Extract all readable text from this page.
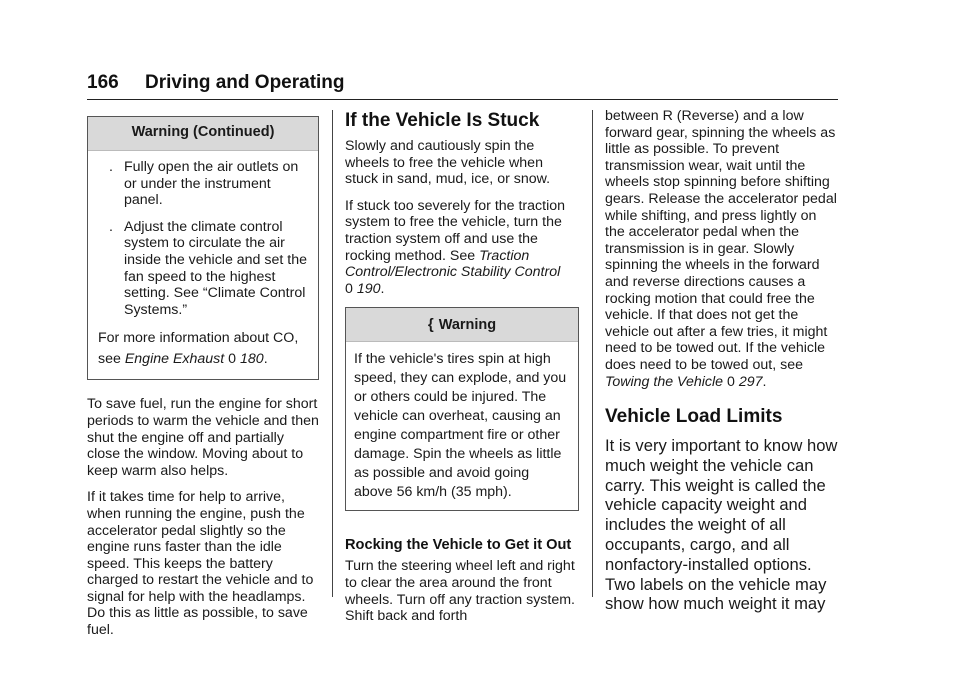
166 Driving and Operating
Warning (Continued)
. Fully open the air outlets on or under the instrument panel.
. Adjust the climate control system to circulate the air inside the vehicle and set the fan speed to the highest setting. See “Climate Control Systems.”
For more information about CO, see Engine Exhaust 0 180.

To save fuel, run the engine for short periods to warm the vehicle and then shut the engine off and partially close the window. Moving about to keep warm also helps.

If it takes time for help to arrive, when running the engine, push the accelerator pedal slightly so the engine runs faster than the idle speed. This keeps the battery charged to restart the vehicle and to signal for help with the headlamps. Do this as little as possible, to save fuel.

If the Vehicle Is Stuck

Slowly and cautiously spin the wheels to free the vehicle when stuck in sand, mud, ice, or snow.

If stuck too severely for the traction system to free the vehicle, turn the traction system off and use the rocking method. See Traction Control/Electronic Stability Control
0 190.

{ Warning
If the vehicle's tires spin at high speed, they can explode, and you or others could be injured. The vehicle can overheat, causing an engine compartment fire or other damage. Spin the wheels as little as possible and avoid going above 56 km/h (35 mph).
Rocking the Vehicle to Get it Out

Turn the steering wheel left and right to clear the area around the front wheels. Turn off any traction system. Shift back and forth

between R (Reverse) and a low forward gear, spinning the wheels as little as possible. To prevent transmission wear, wait until the wheels stop spinning before shifting gears. Release the accelerator pedal while shifting, and press lightly on the accelerator pedal when the transmission is in gear. Slowly spinning the wheels in the forward and reverse directions causes a rocking motion that could free the vehicle. If that does not get the vehicle out after a few tries, it might need to be towed out. If the vehicle does need to be towed out, see Towing the Vehicle 0 297.

Vehicle Load Limits

It is very important to know how much weight the vehicle can carry. This weight is called the vehicle capacity weight and includes the weight of all occupants, cargo, and all nonfactory-installed options. Two labels on the vehicle may show how much weight it may
